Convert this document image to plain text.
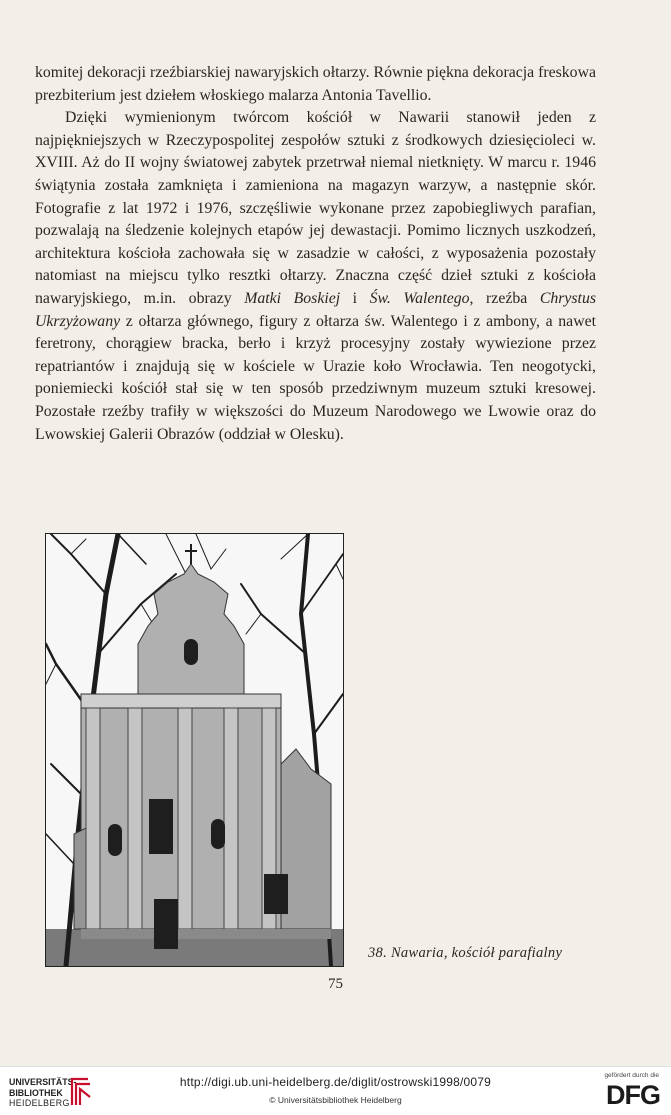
komitej dekoracji rzeźbiarskiej nawaryjskich ołtarzy. Równie piękna dekoracja freskowa prezbiterium jest dziełem włoskiego malarza Antonia Tavellio.

Dzięki wymienionym twórcom kościół w Nawarii stanowił jeden z najpiękniejszych w Rzeczypospolitej zespołów sztuki z środkowych dziesięcioleci w. XVIII. Aż do II wojny światowej zabytek przetrwał niemal nietknięty. W marcu r. 1946 świątynia została zamknięta i zamieniona na magazyn warzyw, a następnie skór. Fotografie z lat 1972 i 1976, szczęśliwie wykonane przez zapobiegliwych parafian, pozwalają na śledzenie kolejnych etapów jej dewastacji. Pomimo licznych uszkodzeń, architektura kościoła zachowała się w zasadzie w całości, z wyposażenia pozostały natomiast na miejscu tylko resztki ołtarzy. Znaczna część dzieł sztuki z kościoła nawaryjskiego, m.in. obrazy Matki Boskiej i Św. Walentego, rzeźba Chrystus Ukrzyżowany z ołtarza głównego, figury z ołtarza św. Walentego i z ambony, a nawet feretrony, chorągiew bracka, berło i krzyż procesyjny zostały wywiezione przez repatriantów i znajdują się w kościele w Urazie koło Wrocławia. Ten neogotycki, poniemiecki kościół stał się w ten sposób przedziwnym muzeum sztuki kresowej. Pozostałe rzeźby trafiły w większości do Muzeum Narodowego we Lwowie oraz do Lwowskiej Galerii Obrazów (oddział w Olesku).

38. Nawaria, kościół parafialny
75
UNIVERSITÄTS-
BIBLIOTHEK
HEIDELBERG
http://digi.ub.uni-heidelberg.de/diglit/ostrowski1998/0079
© Universitätsbibliothek Heidelberg
gefördert durch die
DFG
